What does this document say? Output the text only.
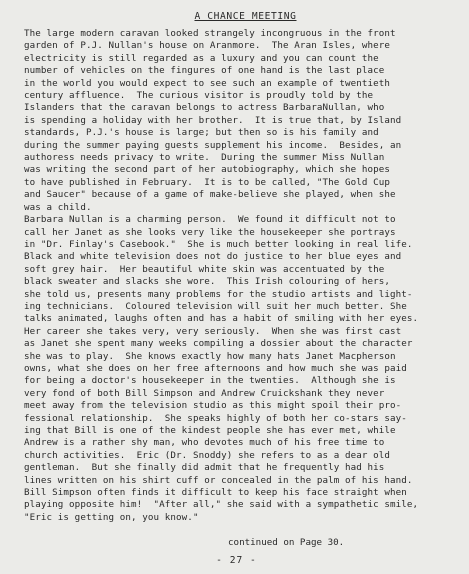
A CHANCE MEETING
The large modern caravan looked strangely incongruous in the front
garden of P.J. Nullan's house on Aranmore.  The Aran Isles, where
electricity is still regarded as a luxury and you can count the
number of vehicles on the fingures of one hand is the last place
in the world you would expect to see such an example of twentieth
century affluence.  The curious visitor is proudly told by the
Islanders that the caravan belongs to actress BarbaraNullan, who
is spending a holiday with her brother.  It is true that, by Island
standards, P.J.'s house is large; but then so is his family and
during the summer paying guests supplement his income.  Besides, an
authoress needs privacy to write.  During the summer Miss Nullan
was writing the second part of her autobiography, which she hopes
to have published in February.  It is to be called, "The Gold Cup
and Saucer" because of a game of make-believe she played, when she
was a child.
Barbara Nullan is a charming person.  We found it difficult not to
call her Janet as she looks very like the housekeeper she portrays
in "Dr. Finlay's Casebook."  She is much better looking in real life.
Black and white television does not do justice to her blue eyes and
soft grey hair.  Her beautiful white skin was accentuated by the
black sweater and slacks she wore.  This Irish colouring of hers,
she told us, presents many problems for the studio artists and light-
ing technicians.  Coloured television will suit her much better. She
talks animated, laughs often and has a habit of smiling with her eyes.
Her career she takes very, very seriously.  When she was first cast
as Janet she spent many weeks compiling a dossier about the character
she was to play.  She knows exactly how many hats Janet Macpherson
owns, what she does on her free afternoons and how much she was paid
for being a doctor's housekeeper in the twenties.  Although she is
very fond of both Bill Simpson and Andrew Cruickshank they never
meet away from the television studio as this might spoil their pro-
fessional relationship.  She speaks highly of both her co-stars say-
ing that Bill is one of the kindest people she has ever met, while
Andrew is a rather shy man, who devotes much of his free time to
church activities.  Eric (Dr. Snoddy) she refers to as a dear old
gentleman.  But she finally did admit that he frequently had his
lines written on his shirt cuff or concealed in the palm of his hand.
Bill Simpson often finds it difficult to keep his face straight when
playing opposite him!  "After all," she said with a sympathetic smile,
"Eric is getting on, you know."
continued on Page 30.
- 27 -
